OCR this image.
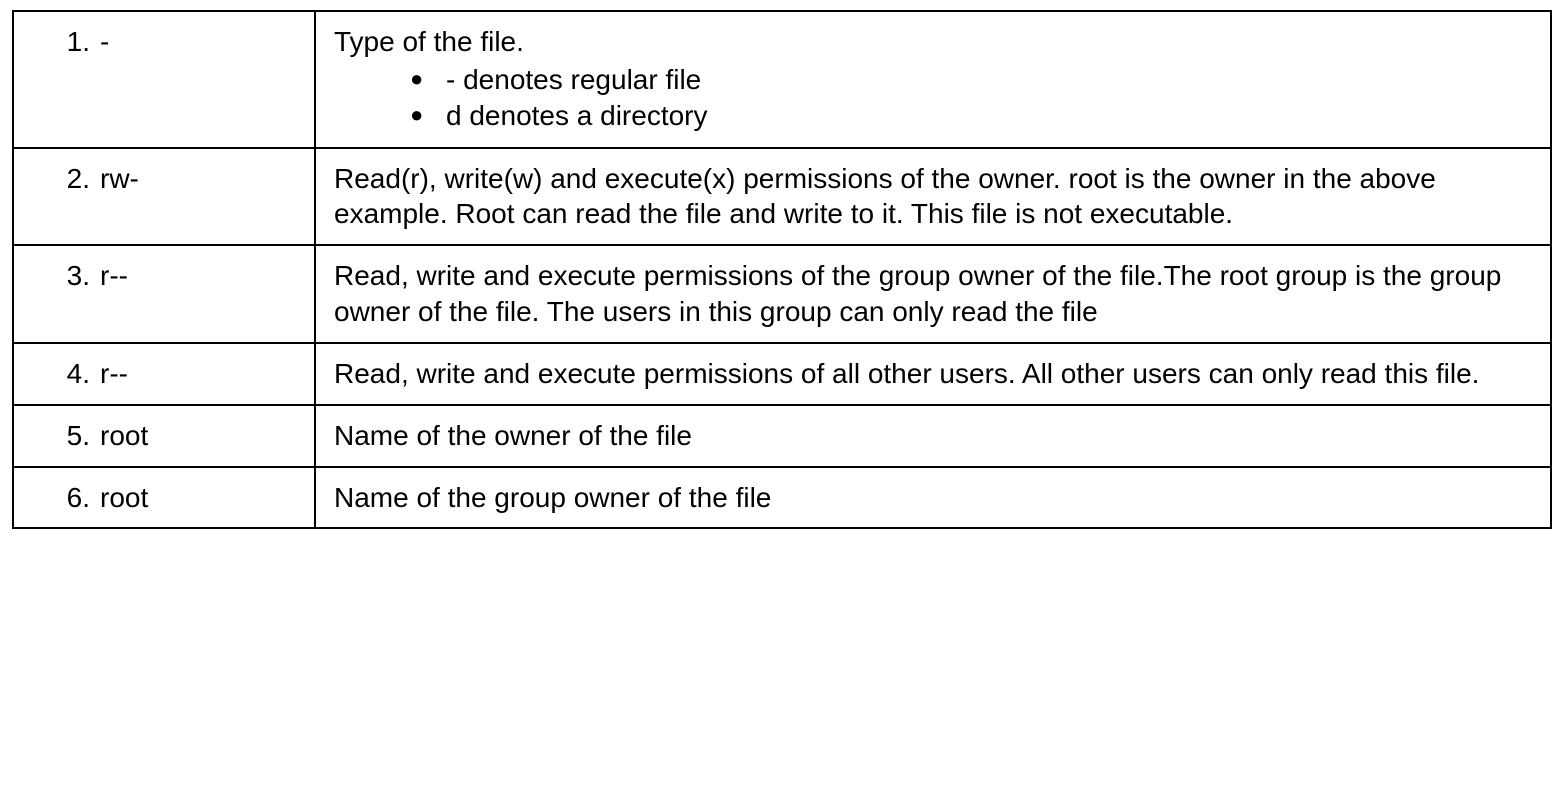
1. -	Type of the file.
● - denotes regular file
● d denotes a directory

2. rw-	Read(r), write(w) and execute(x) permissions of the owner. root is the owner in the above example. Root can read the file and write to it. This file is not executable.

3. r--	Read, write and execute permissions of the group owner of the file.The root group is the group owner of the file. The users in this group can only read the file

4. r--	Read, write and execute permissions of all other users. All other users can only read this file.

5. root	Name of the owner of the file

6. root	Name of the group owner of the file
